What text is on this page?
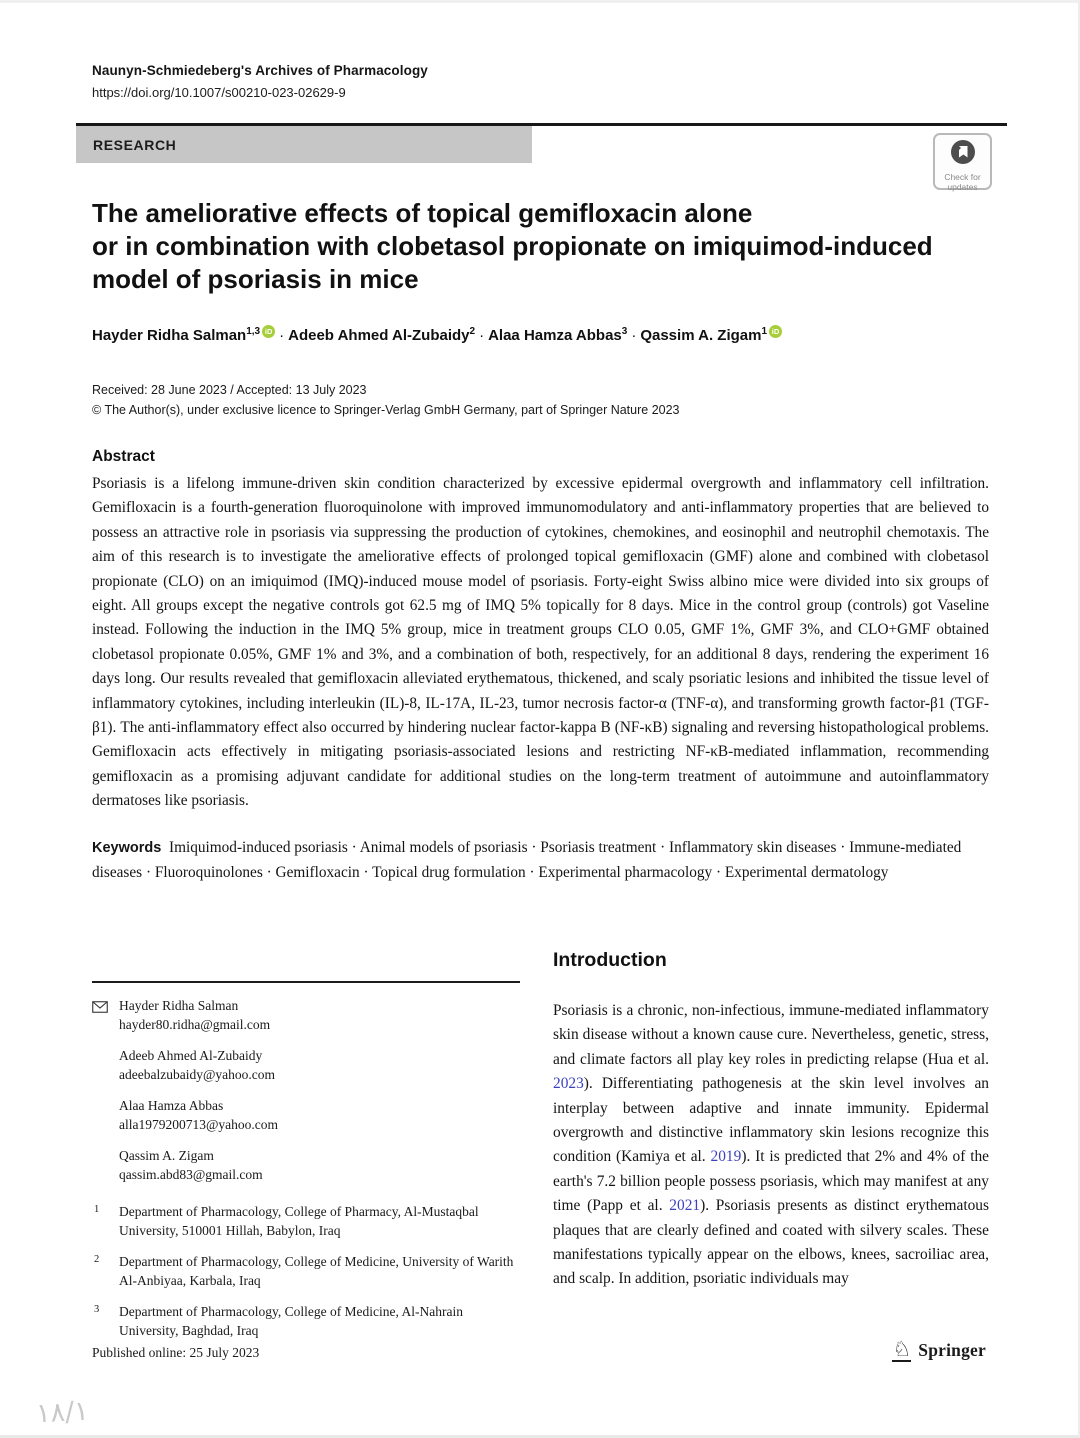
Naunyn-Schmiedeberg's Archives of Pharmacology
https://doi.org/10.1007/s00210-023-02629-9
RESEARCH
Check for
updates
The ameliorative effects of topical gemifloxacin alone
or in combination with clobetasol propionate on imiquimod-induced
model of psoriasis in mice
Hayder Ridha Salman$^{1,3}$ iD · Adeeb Ahmed Al-Zubaidy$^2$ · Alaa Hamza Abbas$^3$ · Qassim A. Zigam$^1$ iD
Received: 28 June 2023 / Accepted: 13 July 2023
© The Author(s), under exclusive licence to Springer-Verlag GmbH Germany, part of Springer Nature 2023
Abstract

Psoriasis is a lifelong immune-driven skin condition characterized by excessive epidermal overgrowth and inflammatory cell infiltration. Gemifloxacin is a fourth-generation fluoroquinolone with improved immunomodulatory and anti-inflammatory properties that are believed to possess an attractive role in psoriasis via suppressing the production of cytokines, chemokines, and eosinophil and neutrophil chemotaxis. The aim of this research is to investigate the ameliorative effects of prolonged topical gemifloxacin (GMF) alone and combined with clobetasol propionate (CLO) on an imiquimod (IMQ)-induced mouse model of psoriasis. Forty-eight Swiss albino mice were divided into six groups of eight. All groups except the negative controls got 62.5 mg of IMQ 5% topically for 8 days. Mice in the control group (controls) got Vaseline instead. Following the induction in the IMQ 5% group, mice in treatment groups CLO 0.05, GMF 1%, GMF 3%, and CLO+GMF obtained clobetasol propionate 0.05%, GMF 1% and 3%, and a combination of both, respectively, for an additional 8 days, rendering the experiment 16 days long. Our results revealed that gemifloxacin alleviated erythematous, thickened, and scaly psoriatic lesions and inhibited the tissue level of inflammatory cytokines, including interleukin (IL)-8, IL-17A, IL-23, tumor necrosis factor-α (TNF-α), and transforming growth factor-β1 (TGF-β1). The anti-inflammatory effect also occurred by hindering nuclear factor-kappa B (NF-κB) signaling and reversing histopathological problems. Gemifloxacin acts effectively in mitigating psoriasis-associated lesions and restricting NF-κB-mediated inflammation, recommending gemifloxacin as a promising adjuvant candidate for additional studies on the long-term treatment of autoimmune and autoinflammatory dermatoses like psoriasis.

Keywords Imiquimod-induced psoriasis · Animal models of psoriasis · Psoriasis treatment · Inflammatory skin diseases · Immune-mediated diseases · Fluoroquinolones · Gemifloxacin · Topical drug formulation · Experimental pharmacology · Experimental dermatology

Hayder Ridha Salman
hayder80.ridha@gmail.com
Adeeb Ahmed Al-Zubaidy
adeebalzubaidy@yahoo.com
Alaa Hamza Abbas
alla1979200713@yahoo.com
Qassim A. Zigam
qassim.abd83@gmail.com
1 Department of Pharmacology, College of Pharmacy, Al-Mustaqbal University, 510001 Hillah, Babylon, Iraq
2 Department of Pharmacology, College of Medicine, University of Warith Al-Anbiyaa, Karbala, Iraq
3 Department of Pharmacology, College of Medicine, Al-Nahrain University, Baghdad, Iraq
Introduction

Psoriasis is a chronic, non-infectious, immune-mediated inflammatory skin disease without a known cause cure. Nevertheless, genetic, stress, and climate factors all play key roles in predicting relapse (Hua et al. 2023). Differentiating pathogenesis at the skin level involves an interplay between adaptive and innate immunity. Epidermal overgrowth and distinctive inflammatory skin lesions recognize this condition (Kamiya et al. 2019). It is predicted that 2% and 4% of the earth's 7.2 billion people possess psoriasis, which may manifest at any time (Papp et al. 2021). Psoriasis presents as distinct erythematous plaques that are clearly defined and coated with silvery scales. These manifestations typically appear on the elbows, knees, sacroiliac area, and scalp. In addition, psoriatic individuals may

Published online: 25 July 2023	♘ Springer
١٨/١
